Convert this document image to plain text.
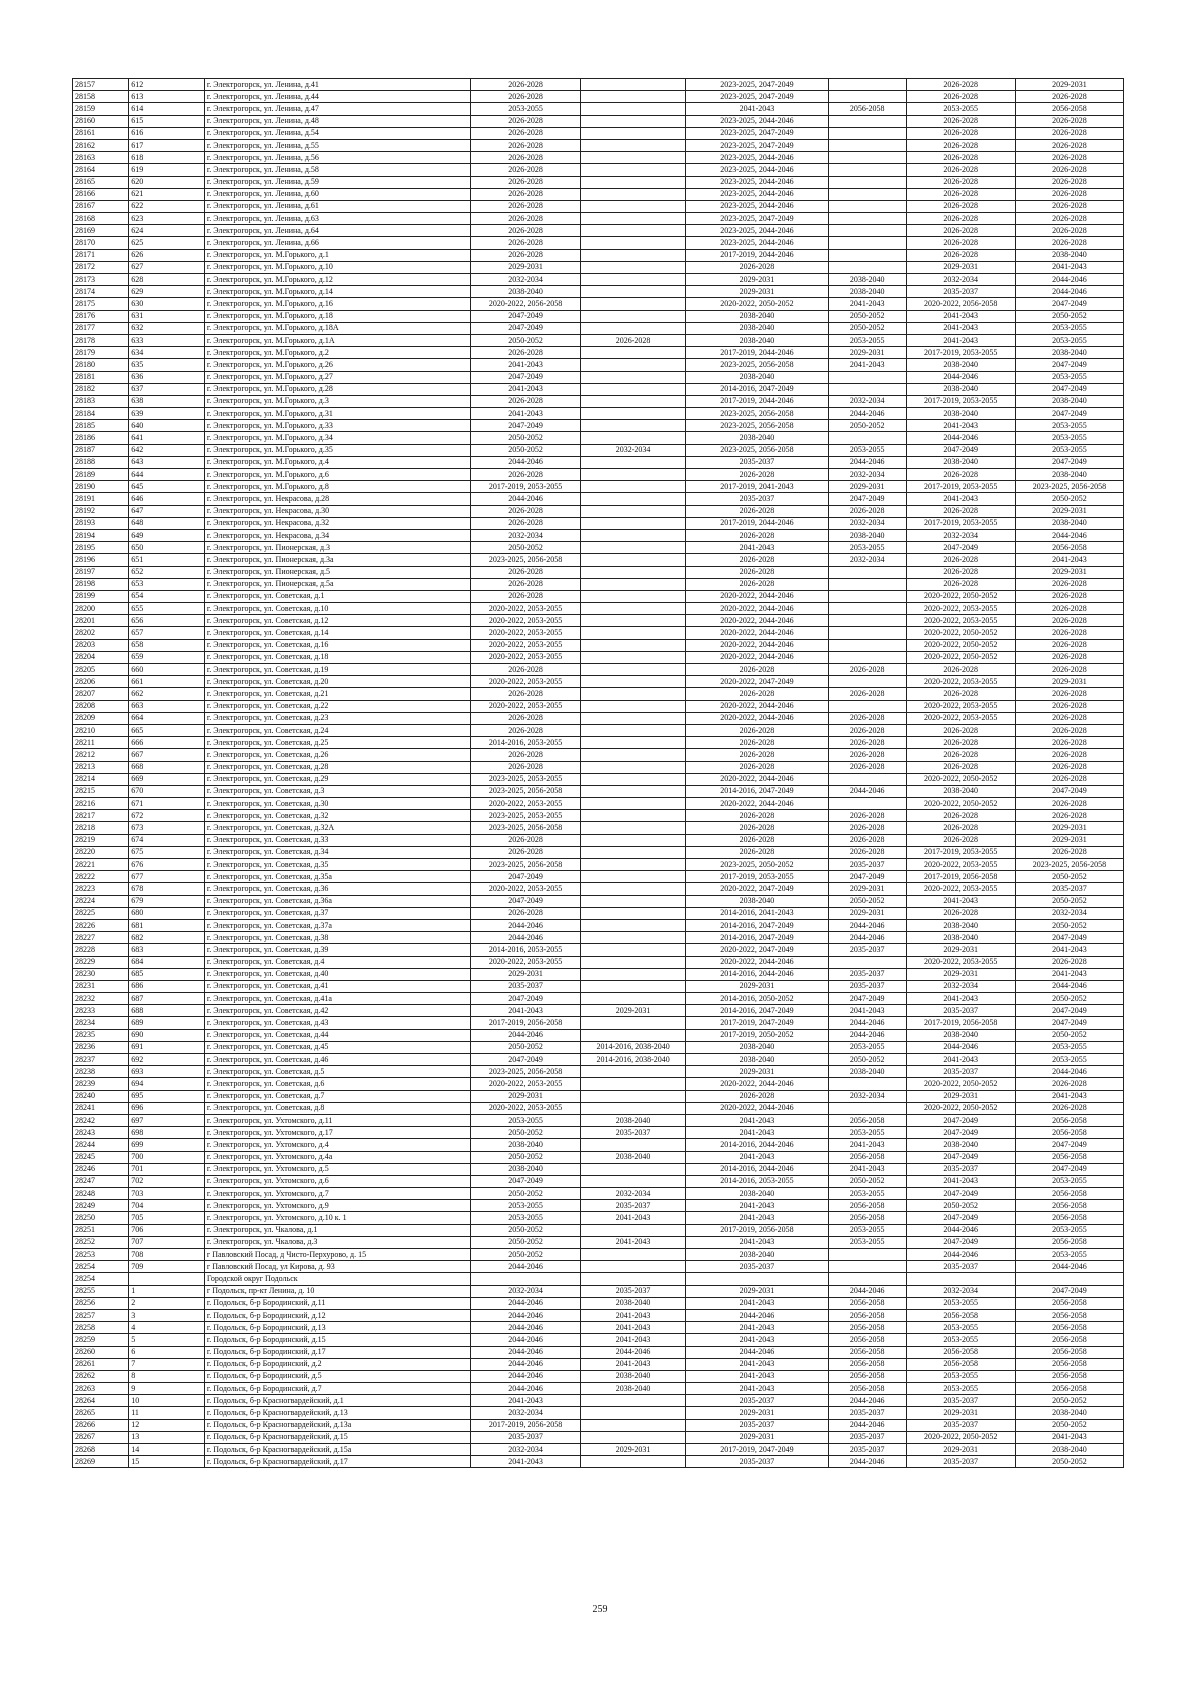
28157	612	г. Электрогорск, ул. Ленина, д.41	2026-2028		2023-2025, 2047-2049		2026-2028	2029-2031
28158	613	г. Электрогорск, ул. Ленина, д.44	2026-2028		2023-2025, 2047-2049		2026-2028	2026-2028
28159	614	г. Электрогорск, ул. Ленина, д.47	2053-2055		2041-2043	2056-2058	2053-2055	2056-2058
28160	615	г. Электрогорск, ул. Ленина, д.48	2026-2028		2023-2025, 2044-2046		2026-2028	2026-2028
28161	616	г. Электрогорск, ул. Ленина, д.54	2026-2028		2023-2025, 2047-2049		2026-2028	2026-2028
28162	617	г. Электрогорск, ул. Ленина, д.55	2026-2028		2023-2025, 2047-2049		2026-2028	2026-2028
28163	618	г. Электрогорск, ул. Ленина, д.56	2026-2028		2023-2025, 2044-2046		2026-2028	2026-2028
28164	619	г. Электрогорск, ул. Ленина, д.58	2026-2028		2023-2025, 2044-2046		2026-2028	2026-2028
28165	620	г. Электрогорск, ул. Ленина, д.59	2026-2028		2023-2025, 2044-2046		2026-2028	2026-2028
28166	621	г. Электрогорск, ул. Ленина, д.60	2026-2028		2023-2025, 2044-2046		2026-2028	2026-2028
28167	622	г. Электрогорск, ул. Ленина, д.61	2026-2028		2023-2025, 2044-2046		2026-2028	2026-2028
28168	623	г. Электрогорск, ул. Ленина, д.63	2026-2028		2023-2025, 2047-2049		2026-2028	2026-2028
28169	624	г. Электрогорск, ул. Ленина, д.64	2026-2028		2023-2025, 2044-2046		2026-2028	2026-2028
28170	625	г. Электрогорск, ул. Ленина, д.66	2026-2028		2023-2025, 2044-2046		2026-2028	2026-2028
28171	626	г. Электрогорск, ул. М.Горького, д.1	2026-2028		2017-2019, 2044-2046		2026-2028	2038-2040
28172	627	г. Электрогорск, ул. М.Горького, д.10	2029-2031		2026-2028		2029-2031	2041-2043
28173	628	г. Электрогорск, ул. М.Горького, д.12	2032-2034		2029-2031	2038-2040	2032-2034	2044-2046
28174	629	г. Электрогорск, ул. М.Горького, д.14	2038-2040		2029-2031	2038-2040	2035-2037	2044-2046
28175	630	г. Электрогорск, ул. М.Горького, д.16	2020-2022, 2056-2058		2020-2022, 2050-2052	2041-2043	2020-2022, 2056-2058	2047-2049
28176	631	г. Электрогорск, ул. М.Горького, д.18	2047-2049		2038-2040	2050-2052	2041-2043	2050-2052
28177	632	г. Электрогорск, ул. М.Горького, д.18А	2047-2049		2038-2040	2050-2052	2041-2043	2053-2055
28178	633	г. Электрогорск, ул. М.Горького, д.1А	2050-2052	2026-2028	2038-2040	2053-2055	2041-2043	2053-2055
28179	634	г. Электрогорск, ул. М.Горького, д.2	2026-2028		2017-2019, 2044-2046	2029-2031	2017-2019, 2053-2055	2038-2040
28180	635	г. Электрогорск, ул. М.Горького, д.26	2041-2043		2023-2025, 2056-2058	2041-2043	2038-2040	2047-2049
28181	636	г. Электрогорск, ул. М.Горького, д.27	2047-2049		2038-2040		2044-2046	2053-2055
28182	637	г. Электрогорск, ул. М.Горького, д.28	2041-2043		2014-2016, 2047-2049		2038-2040	2047-2049
28183	638	г. Электрогорск, ул. М.Горького, д.3	2026-2028		2017-2019, 2044-2046	2032-2034	2017-2019, 2053-2055	2038-2040
28184	639	г. Электрогорск, ул. М.Горького, д.31	2041-2043		2023-2025, 2056-2058	2044-2046	2038-2040	2047-2049
28185	640	г. Электрогорск, ул. М.Горького, д.33	2047-2049		2023-2025, 2056-2058	2050-2052	2041-2043	2053-2055
28186	641	г. Электрогорск, ул. М.Горького, д.34	2050-2052		2038-2040		2044-2046	2053-2055
28187	642	г. Электрогорск, ул. М.Горького, д.35	2050-2052	2032-2034	2023-2025, 2056-2058	2053-2055	2047-2049	2053-2055
28188	643	г. Электрогорск, ул. М.Горького, д.4	2044-2046		2035-2037	2044-2046	2038-2040	2047-2049
28189	644	г. Электрогорск, ул. М.Горького, д.6	2026-2028		2026-2028	2032-2034	2026-2028	2038-2040
28190	645	г. Электрогорск, ул. М.Горького, д.8	2017-2019, 2053-2055		2017-2019, 2041-2043	2029-2031	2017-2019, 2053-2055	2023-2025, 2056-2058
28191	646	г. Электрогорск, ул. Некрасова, д.28	2044-2046		2035-2037	2047-2049	2041-2043	2050-2052
28192	647	г. Электрогорск, ул. Некрасова, д.30	2026-2028		2026-2028	2026-2028	2026-2028	2029-2031
28193	648	г. Электрогорск, ул. Некрасова, д.32	2026-2028		2017-2019, 2044-2046	2032-2034	2017-2019, 2053-2055	2038-2040
28194	649	г. Электрогорск, ул. Некрасова, д.34	2032-2034		2026-2028	2038-2040	2032-2034	2044-2046
28195	650	г. Электрогорск, ул. Пионерская, д.3	2050-2052		2041-2043	2053-2055	2047-2049	2056-2058
28196	651	г. Электрогорск, ул. Пионерская, д.3а	2023-2025, 2056-2058		2026-2028	2032-2034	2026-2028	2041-2043
28197	652	г. Электрогорск, ул. Пионерская, д.5	2026-2028		2026-2028		2026-2028	2029-2031
28198	653	г. Электрогорск, ул. Пионерская, д.5а	2026-2028		2026-2028		2026-2028	2026-2028
28199	654	г. Электрогорск, ул. Советская, д.1	2026-2028		2020-2022, 2044-2046		2020-2022, 2050-2052	2026-2028
28200	655	г. Электрогорск, ул. Советская, д.10	2020-2022, 2053-2055		2020-2022, 2044-2046		2020-2022, 2053-2055	2026-2028
28201	656	г. Электрогорск, ул. Советская, д.12	2020-2022, 2053-2055		2020-2022, 2044-2046		2020-2022, 2053-2055	2026-2028
28202	657	г. Электрогорск, ул. Советская, д.14	2020-2022, 2053-2055		2020-2022, 2044-2046		2020-2022, 2050-2052	2026-2028
28203	658	г. Электрогорск, ул. Советская, д.16	2020-2022, 2053-2055		2020-2022, 2044-2046		2020-2022, 2050-2052	2026-2028
28204	659	г. Электрогорск, ул. Советская, д.18	2020-2022, 2053-2055		2020-2022, 2044-2046		2020-2022, 2050-2052	2026-2028
28205	660	г. Электрогорск, ул. Советская, д.19	2026-2028		2026-2028	2026-2028	2026-2028	2026-2028
28206	661	г. Электрогорск, ул. Советская, д.20	2020-2022, 2053-2055		2020-2022, 2047-2049		2020-2022, 2053-2055	2029-2031
28207	662	г. Электрогорск, ул. Советская, д.21	2026-2028		2026-2028	2026-2028	2026-2028	2026-2028
28208	663	г. Электрогорск, ул. Советская, д.22	2020-2022, 2053-2055		2020-2022, 2044-2046		2020-2022, 2053-2055	2026-2028
28209	664	г. Электрогорск, ул. Советская, д.23	2026-2028		2020-2022, 2044-2046	2026-2028	2020-2022, 2053-2055	2026-2028
28210	665	г. Электрогорск, ул. Советская, д.24	2026-2028		2026-2028	2026-2028	2026-2028	2026-2028
28211	666	г. Электрогорск, ул. Советская, д.25	2014-2016, 2053-2055		2026-2028	2026-2028	2026-2028	2026-2028
28212	667	г. Электрогорск, ул. Советская, д.26	2026-2028		2026-2028	2026-2028	2026-2028	2026-2028
28213	668	г. Электрогорск, ул. Советская, д.28	2026-2028		2026-2028	2026-2028	2026-2028	2026-2028
28214	669	г. Электрогорск, ул. Советская, д.29	2023-2025, 2053-2055		2020-2022, 2044-2046		2020-2022, 2050-2052	2026-2028
28215	670	г. Электрогорск, ул. Советская, д.3	2023-2025, 2056-2058		2014-2016, 2047-2049	2044-2046	2038-2040	2047-2049
28216	671	г. Электрогорск, ул. Советская, д.30	2020-2022, 2053-2055		2020-2022, 2044-2046		2020-2022, 2050-2052	2026-2028
28217	672	г. Электрогорск, ул. Советская, д.32	2023-2025, 2053-2055		2026-2028	2026-2028	2026-2028	2026-2028
28218	673	г. Электрогорск, ул. Советская, д.32А	2023-2025, 2056-2058		2026-2028	2026-2028	2026-2028	2029-2031
28219	674	г. Электрогорск, ул. Советская, д.33	2026-2028		2026-2028	2026-2028	2026-2028	2029-2031
28220	675	г. Электрогорск, ул. Советская, д.34	2026-2028		2026-2028	2026-2028	2017-2019, 2053-2055	2026-2028
28221	676	г. Электрогорск, ул. Советская, д.35	2023-2025, 2056-2058		2023-2025, 2050-2052	2035-2037	2020-2022, 2053-2055	2023-2025, 2056-2058
28222	677	г. Электрогорск, ул. Советская, д.35а	2047-2049		2017-2019, 2053-2055	2047-2049	2017-2019, 2056-2058	2050-2052
28223	678	г. Электрогорск, ул. Советская, д.36	2020-2022, 2053-2055		2020-2022, 2047-2049	2029-2031	2020-2022, 2053-2055	2035-2037
28224	679	г. Электрогорск, ул. Советская, д.36а	2047-2049		2038-2040	2050-2052	2041-2043	2050-2052
28225	680	г. Электрогорск, ул. Советская, д.37	2026-2028		2014-2016, 2041-2043	2029-2031	2026-2028	2032-2034
28226	681	г. Электрогорск, ул. Советская, д.37а	2044-2046		2014-2016, 2047-2049	2044-2046	2038-2040	2050-2052
28227	682	г. Электрогорск, ул. Советская, д.38	2044-2046		2014-2016, 2047-2049	2044-2046	2038-2040	2047-2049
28228	683	г. Электрогорск, ул. Советская, д.39	2014-2016, 2053-2055		2020-2022, 2047-2049	2035-2037	2029-2031	2041-2043
28229	684	г. Электрогорск, ул. Советская, д.4	2020-2022, 2053-2055		2020-2022, 2044-2046		2020-2022, 2053-2055	2026-2028
28230	685	г. Электрогорск, ул. Советская, д.40	2029-2031		2014-2016, 2044-2046	2035-2037	2029-2031	2041-2043
28231	686	г. Электрогорск, ул. Советская, д.41	2035-2037		2029-2031	2035-2037	2032-2034	2044-2046
28232	687	г. Электрогорск, ул. Советская, д.41а	2047-2049		2014-2016, 2050-2052	2047-2049	2041-2043	2050-2052
28233	688	г. Электрогорск, ул. Советская, д.42	2041-2043	2029-2031	2014-2016, 2047-2049	2041-2043	2035-2037	2047-2049
28234	689	г. Электрогорск, ул. Советская, д.43	2017-2019, 2056-2058		2017-2019, 2047-2049	2044-2046	2017-2019, 2056-2058	2047-2049
28235	690	г. Электрогорск, ул. Советская, д.44	2044-2046		2017-2019, 2050-2052	2044-2046	2038-2040	2050-2052
28236	691	г. Электрогорск, ул. Советская, д.45	2050-2052	2014-2016, 2038-2040	2038-2040	2053-2055	2044-2046	2053-2055
28237	692	г. Электрогорск, ул. Советская, д.46	2047-2049	2014-2016, 2038-2040	2038-2040	2050-2052	2041-2043	2053-2055
28238	693	г. Электрогорск, ул. Советская, д.5	2023-2025, 2056-2058		2029-2031	2038-2040	2035-2037	2044-2046
28239	694	г. Электрогорск, ул. Советская, д.6	2020-2022, 2053-2055		2020-2022, 2044-2046		2020-2022, 2050-2052	2026-2028
28240	695	г. Электрогорск, ул. Советская, д.7	2029-2031		2026-2028	2032-2034	2029-2031	2041-2043
28241	696	г. Электрогорск, ул. Советская, д.8	2020-2022, 2053-2055		2020-2022, 2044-2046		2020-2022, 2050-2052	2026-2028
28242	697	г. Электрогорск, ул. Ухтомского, д.11	2053-2055	2038-2040	2041-2043	2056-2058	2047-2049	2056-2058
28243	698	г. Электрогорск, ул. Ухтомского, д.17	2050-2052	2035-2037	2041-2043	2053-2055	2047-2049	2056-2058
28244	699	г. Электрогорск, ул. Ухтомского, д.4	2038-2040		2014-2016, 2044-2046	2041-2043	2038-2040	2047-2049
28245	700	г. Электрогорск, ул. Ухтомского, д.4а	2050-2052	2038-2040	2041-2043	2056-2058	2047-2049	2056-2058
28246	701	г. Электрогорск, ул. Ухтомского, д.5	2038-2040		2014-2016, 2044-2046	2041-2043	2035-2037	2047-2049
28247	702	г. Электрогорск, ул. Ухтомского, д.6	2047-2049		2014-2016, 2053-2055	2050-2052	2041-2043	2053-2055
28248	703	г. Электрогорск, ул. Ухтомского, д.7	2050-2052	2032-2034	2038-2040	2053-2055	2047-2049	2056-2058
28249	704	г. Электрогорск, ул. Ухтомского, д.9	2053-2055	2035-2037	2041-2043	2056-2058	2050-2052	2056-2058
28250	705	г. Электрогорск, ул. Ухтомского, д.10 к. 1	2053-2055	2041-2043	2041-2043	2056-2058	2047-2049	2056-2058
28251	706	г. Электрогорск, ул. Чкалова, д.1	2050-2052		2017-2019, 2056-2058	2053-2055	2044-2046	2053-2055
28252	707	г. Электрогорск, ул. Чкалова, д.3	2050-2052	2041-2043	2041-2043	2053-2055	2047-2049	2056-2058
28253	708	г Павловский Посад, д Чисто-Перхурово, д. 15	2050-2052		2038-2040		2044-2046	2053-2055
28254	709	г Павловский Посад, ул Кирова, д. 93	2044-2046		2035-2037		2035-2037	2044-2046
28254		Городской округ Подольск						
28255	1	г Подольск, пр-кт Ленина, д. 10	2032-2034	2035-2037	2029-2031	2044-2046	2032-2034	2047-2049
28256	2	г. Подольск, б-р Бородинский, д.11	2044-2046	2038-2040	2041-2043	2056-2058	2053-2055	2056-2058
28257	3	г. Подольск, б-р Бородинский, д.12	2044-2046	2041-2043	2044-2046	2056-2058	2056-2058	2056-2058
28258	4	г. Подольск, б-р Бородинский, д.13	2044-2046	2041-2043	2041-2043	2056-2058	2053-2055	2056-2058
28259	5	г. Подольск, б-р Бородинский, д.15	2044-2046	2041-2043	2041-2043	2056-2058	2053-2055	2056-2058
28260	6	г. Подольск, б-р Бородинский, д.17	2044-2046	2044-2046	2044-2046	2056-2058	2056-2058	2056-2058
28261	7	г. Подольск, б-р Бородинский, д.2	2044-2046	2041-2043	2041-2043	2056-2058	2056-2058	2056-2058
28262	8	г. Подольск, б-р Бородинский, д.5	2044-2046	2038-2040	2041-2043	2056-2058	2053-2055	2056-2058
28263	9	г. Подольск, б-р Бородинский, д.7	2044-2046	2038-2040	2041-2043	2056-2058	2053-2055	2056-2058
28264	10	г. Подольск, б-р Красногвардейский, д.1	2041-2043		2035-2037	2044-2046	2035-2037	2050-2052
28265	11	г. Подольск, б-р Красногвардейский, д.13	2032-2034		2029-2031	2035-2037	2029-2031	2038-2040
28266	12	г. Подольск, б-р Красногвардейский, д.13а	2017-2019, 2056-2058		2035-2037	2044-2046	2035-2037	2050-2052
28267	13	г. Подольск, б-р Красногвардейский, д.15	2035-2037		2029-2031	2035-2037	2020-2022, 2050-2052	2041-2043
28268	14	г. Подольск, б-р Красногвардейский, д.15а	2032-2034	2029-2031	2017-2019, 2047-2049	2035-2037	2029-2031	2038-2040
28269	15	г. Подольск, б-р Красногвардейский, д.17	2041-2043		2035-2037	2044-2046	2035-2037	2050-2052
259
